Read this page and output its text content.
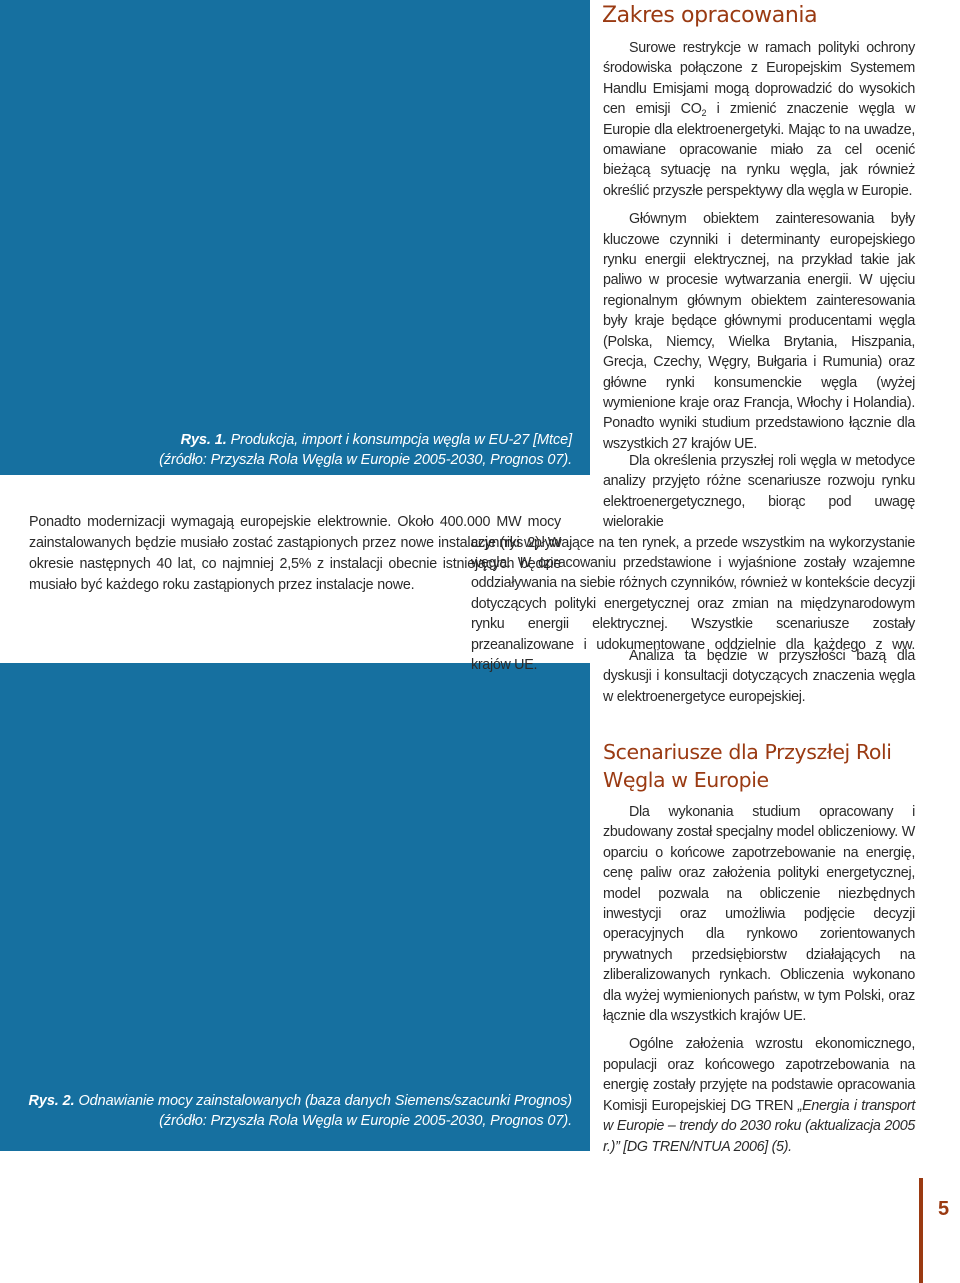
Rys. 1. Produkcja, import i konsumpcja węgla w EU-27 [Mtce]
(źródło: Przyszła Rola Węgla w Europie 2005-2030, Prognos 07).

Ponadto modernizacji wymagają europejskie elektrownie. Około 400.000 MW mocy zainstalowanych będzie musiało zostać zastąpionych przez nowe instalacje (rys 2). W okresie następnych 40 lat, co najmniej 2,5% z instalacji obecnie istniejących będzie musiało być każdego roku zastąpionych przez instalacje nowe.

Rys. 2. Odnawianie mocy zainstalowanych (baza danych Siemens/szacunki Prognos)
(źródło: Przyszła Rola Węgla w Europie 2005-2030, Prognos 07).
Zakres opracowania

Surowe restrykcje w ramach polityki ochrony środowiska połączone z Europejskim Systemem Handlu Emisjami mogą doprowadzić do wysokich cen emisji $CO_2$ i zmienić znaczenie węgla w Europie dla elektroenergetyki. Mając to na uwadze, omawiane opracowanie miało za cel ocenić bieżącą sytuację na rynku węgla, jak również określić przyszłe perspektywy dla węgla w Europie.

Głównym obiektem zainteresowania były kluczowe czynniki i determinanty europejskiego rynku energii elektrycznej, na przykład takie jak paliwo w procesie wytwarzania energii. W ujęciu regionalnym głównym obiektem zainteresowania były kraje będące głównymi producentami węgla (Polska, Niemcy, Wielka Brytania, Hiszpania, Grecja, Czechy, Węgry, Bułgaria i Rumunia) oraz główne rynki konsumenckie węgla (wyżej wymienione kraje oraz Francja, Włochy i Holandia). Ponadto wyniki studium przedstawiono łącznie dla wszystkich 27 krajów UE.

Dla określenia przyszłej roli węgla w metodyce analizy przyjęto różne scenariusze rozwoju rynku elektroenergetycznego, biorąc pod uwagę wielorakie
czynniki wpływające na ten rynek, a przede wszystkim na wykorzystanie węgla. W opracowaniu przedstawione i wyjaśnione zostały wzajemne oddziaływania na siebie różnych czynników, również w kontekście decyzji dotyczących polityki energetycznej oraz zmian na międzynarodowym rynku energii elektrycznej. Wszystkie scenariusze zostały przeanalizowane i udokumentowane oddzielnie dla każdego z ww. krajów UE.

Analiza ta będzie w przyszłości bazą dla dyskusji i konsultacji dotyczących znaczenia węgla w elektroenergetyce europejskiej.

Scenariusze dla Przyszłej Roli Węgla w Europie

Dla wykonania studium opracowany i zbudowany został specjalny model obliczeniowy. W oparciu o końcowe zapotrzebowanie na energię, cenę paliw oraz założenia polityki energetycznej, model pozwala na obliczenie niezbędnych inwestycji oraz umożliwia podjęcie decyzji operacyjnych dla rynkowo zorientowanych prywatnych przedsiębiorstw działających na zliberalizowanych rynkach. Obliczenia wykonano dla wyżej wymienionych państw, w tym Polski, oraz łącznie dla wszystkich krajów UE.

Ogólne założenia wzrostu ekonomicznego, populacji oraz końcowego zapotrzebowania na energię zostały przyjęte na podstawie opracowania Komisji Europejskiej DG TREN „Energia i transport w Europie – trendy do 2030 roku (aktualizacja 2005 r.)” [DG TREN/NTUA 2006] (5).

5
